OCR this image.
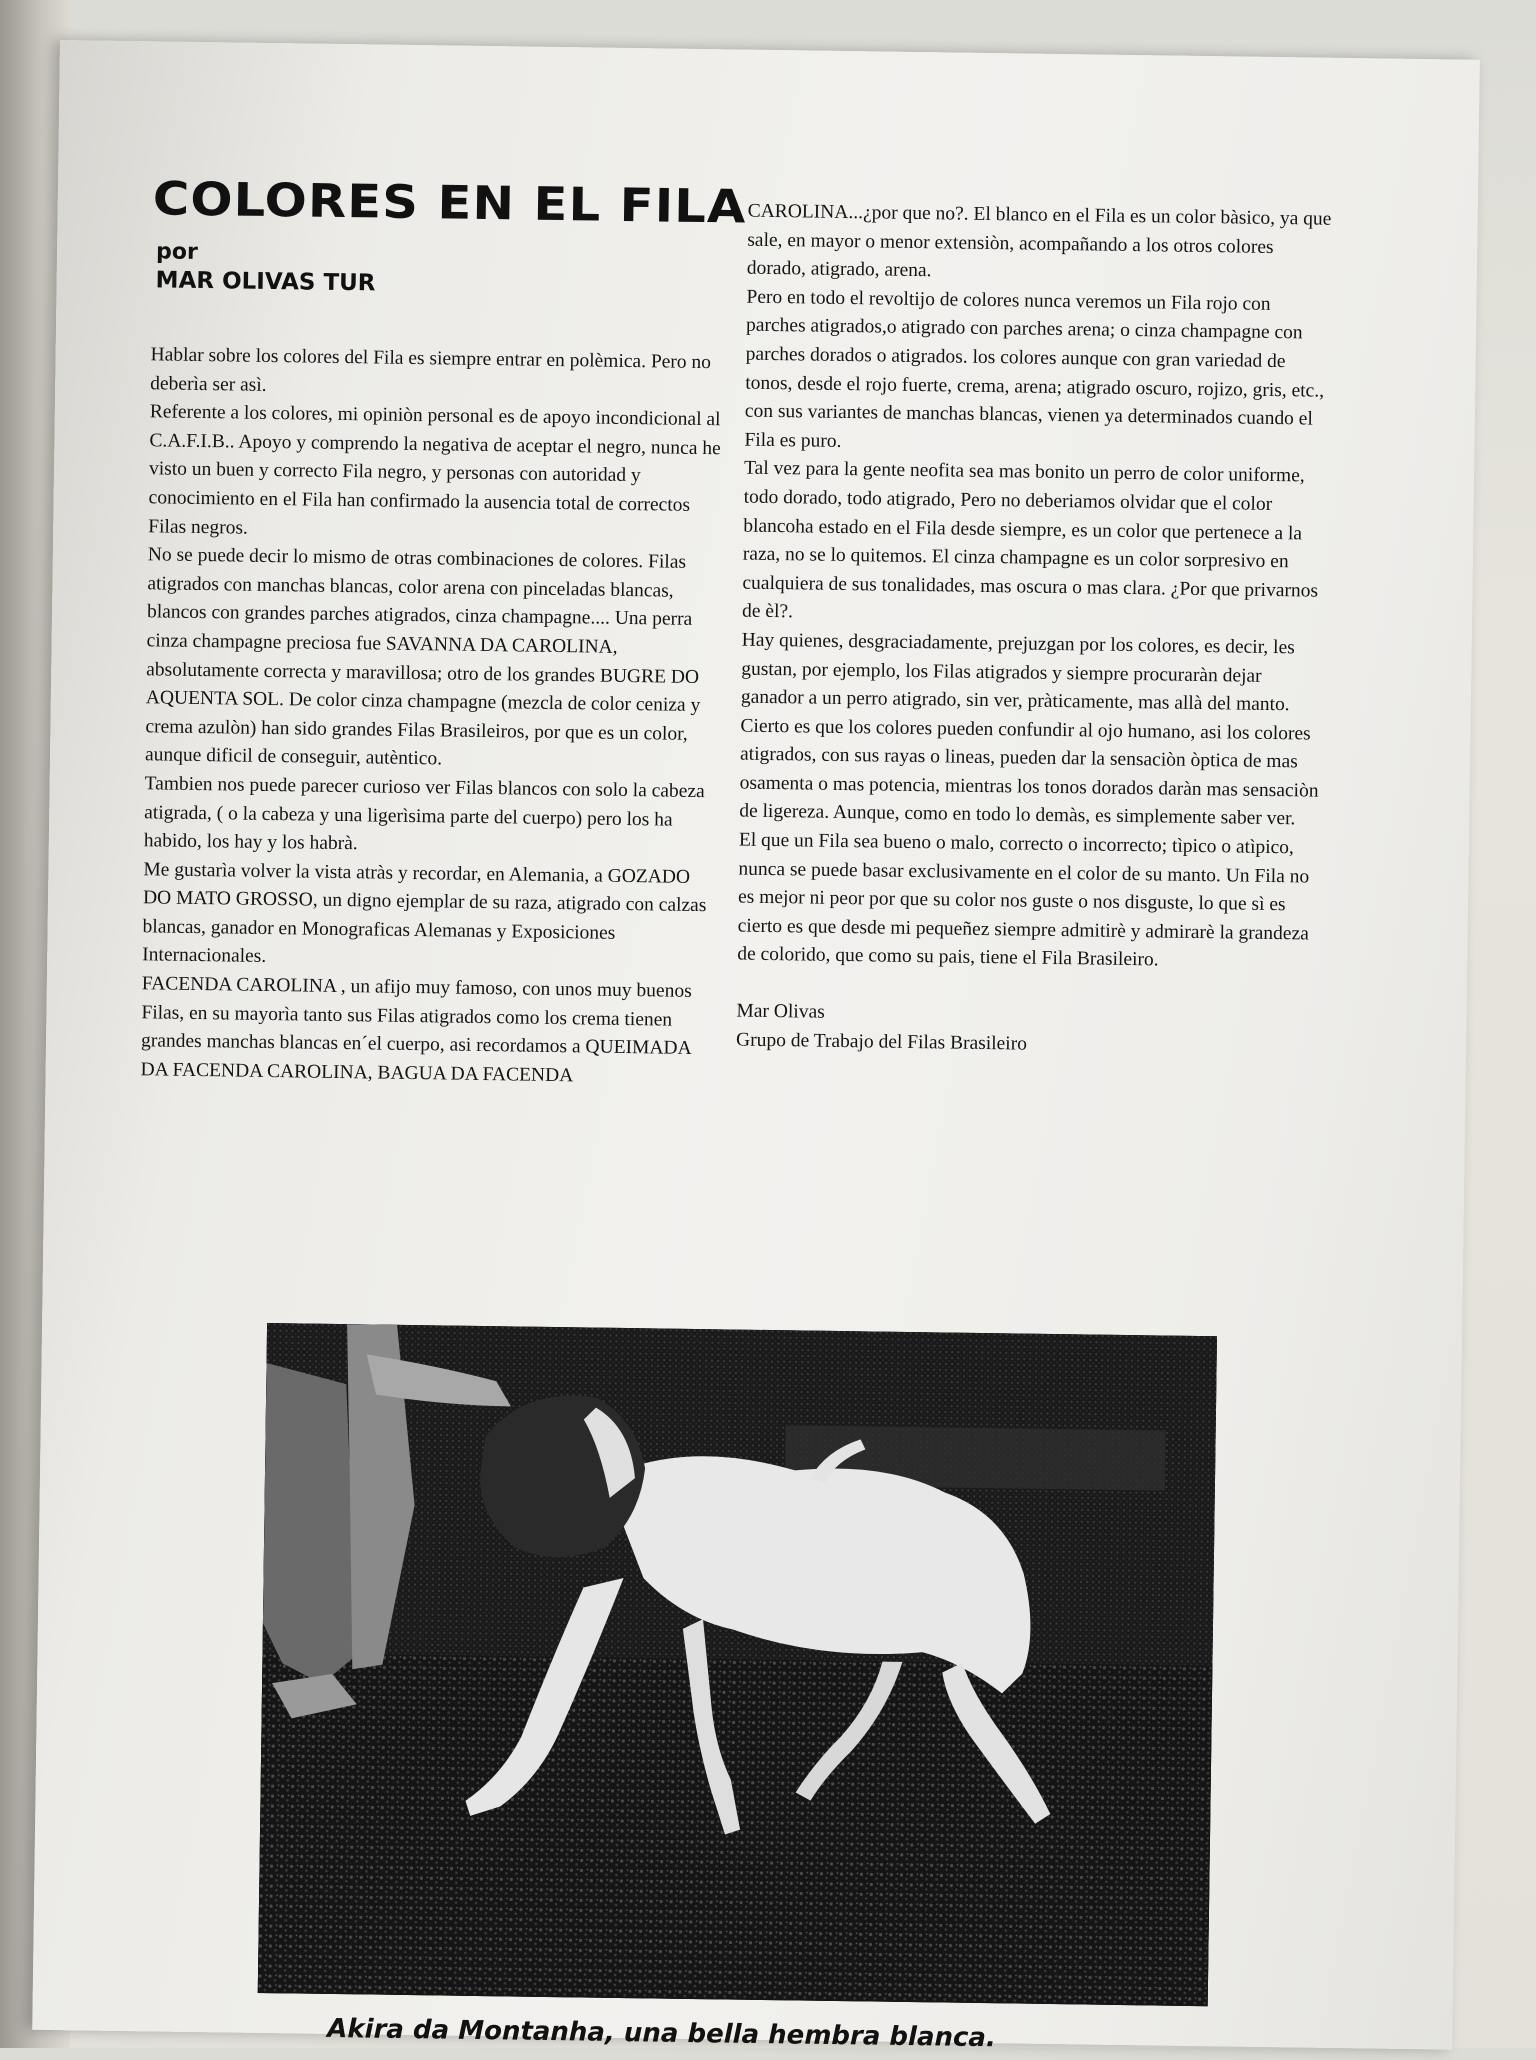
COLORES EN EL FILA
por
MAR OLIVAS TUR

Hablar sobre los colores del Fila es siempre entrar en polèmica. Pero no deberìa ser asì.

Referente a los colores, mi opiniòn personal es de apoyo incondicional al C.A.F.I.B.. Apoyo y comprendo la negativa de aceptar el negro, nunca he visto un buen y correcto Fila negro, y personas con autoridad y conocimiento en el Fila han confirmado la ausencia total de correctos Filas negros.

No se puede decir lo mismo de otras combinaciones de colores. Filas atigrados con manchas blancas, color arena con pinceladas blancas, blancos con grandes parches atigrados, cinza champagne.... Una perra cinza champagne preciosa fue SAVANNA DA CAROLINA, absolutamente correcta y maravillosa; otro de los grandes BUGRE DO AQUENTA SOL. De color cinza champagne (mezcla de color ceniza y crema azulòn) han sido grandes Filas Brasileiros, por que es un color, aunque dificil de conseguir, autèntico.

Tambien nos puede parecer curioso ver Filas blancos con solo la cabeza atigrada, ( o la cabeza y una ligerìsima parte del cuerpo) pero los ha habido, los hay y los habrà.

Me gustarìa volver la vista atràs y recordar, en Alemania, a GOZADO DO MATO GROSSO, un digno ejemplar de su raza, atigrado con calzas blancas, ganador en Monograficas Alemanas y Exposiciones Internacionales.

FACENDA CAROLINA , un afijo muy famoso, con unos muy buenos Filas, en su mayorìa tanto sus Filas atigrados como los crema tienen grandes manchas blancas en´el cuerpo, asi recordamos a QUEIMADA DA FACENDA CAROLINA, BAGUA DA FACENDA

CAROLINA...¿por que no?. El blanco en el Fila es un color bàsico, ya que sale, en mayor o menor extensiòn, acompañando a los otros colores dorado, atigrado, arena.

Pero en todo el revoltijo de colores nunca veremos un Fila rojo con parches atigrados,o atigrado con parches arena; o cinza champagne con parches dorados o atigrados. los colores aunque con gran variedad de tonos, desde el rojo fuerte, crema, arena; atigrado oscuro, rojizo, gris, etc., con sus variantes de manchas blancas, vienen ya determinados cuando el Fila es puro.

Tal vez para la gente neofita sea mas bonito un perro de color uniforme, todo dorado, todo atigrado, Pero no deberiamos olvidar que el color blancoha estado en el Fila desde siempre, es un color que pertenece a la raza, no se lo quitemos. El cinza champagne es un color sorpresivo en cualquiera de sus tonalidades, mas oscura o mas clara. ¿Por que privarnos de èl?.

Hay quienes, desgraciadamente, prejuzgan por los colores, es decir, les gustan, por ejemplo, los Filas atigrados y siempre procuraràn dejar ganador a un perro atigrado, sin ver, pràticamente, mas allà del manto. Cierto es que los colores pueden confundir al ojo humano, asi los colores atigrados, con sus rayas o lineas, pueden dar la sensaciòn òptica de mas osamenta o mas potencia, mientras los tonos dorados daràn mas sensaciòn de ligereza. Aunque, como en todo lo demàs, es simplemente saber ver.

El que un Fila sea bueno o malo, correcto o incorrecto; tìpico o atìpico, nunca se puede basar exclusivamente en el color de su manto. Un Fila no es mejor ni peor por que su color nos guste o nos disguste, lo que sì es cierto es que desde mi pequeñez siempre admitirè y admirarè la grandeza de colorido, que como su pais, tiene el Fila Brasileiro.

Mar Olivas

Grupo de Trabajo del Filas Brasileiro

Akira da Montanha, una bella hembra blanca.
